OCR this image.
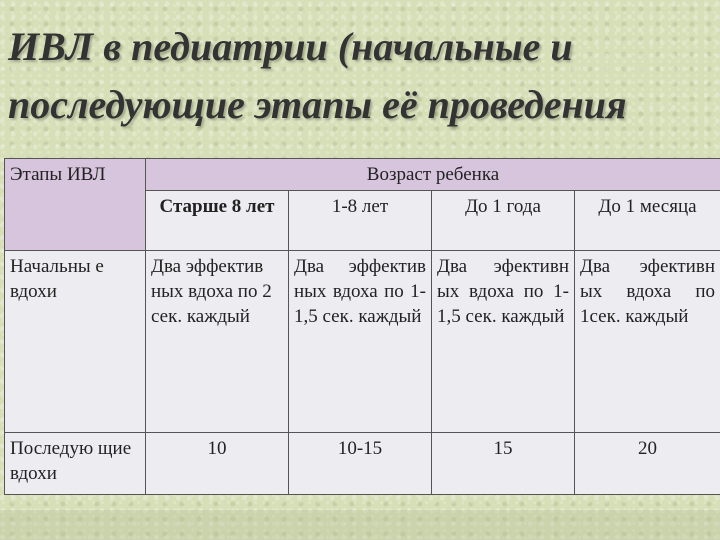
ИВЛ в педиатрии (начальные и последующие этапы её проведения
Этапы ИВЛ	Возраст ребенка			
	Старше 8 лет	1-8 лет	До 1 года	До 1 месяца
Начальны е вдохи	Два эффектив ных вдоха по 2 сек. каждый	Два эффектив ных вдоха по 1-1,5 сек. каждый	Два эфективн ых вдоха по 1-1,5 сек. каждый	Два эфективн ых вдоха по 1сек. каждый
Последую щие вдохи	10	10-15	15	20
